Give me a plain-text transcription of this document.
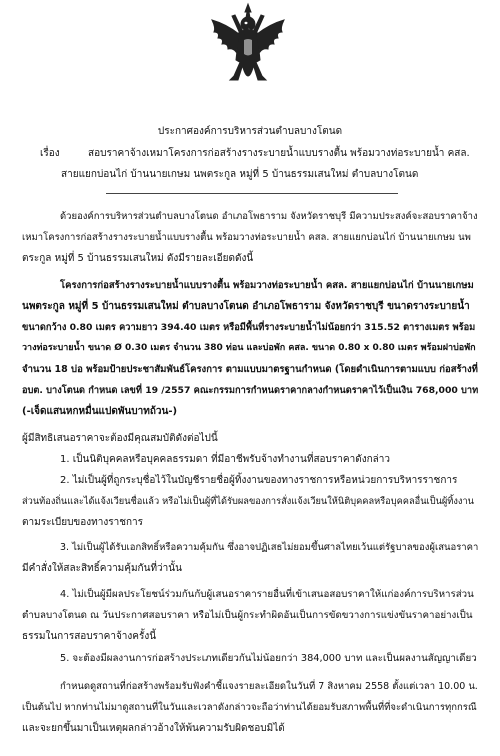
ประกาศองค์การบริหารส่วนตำบลบางโตนด
เรื่อง	สอบราคาจ้างเหมาโครงการก่อสร้างรางระบายน้ำแบบรางตื้น พร้อมวางท่อระบายน้ำ คสล.
สายแยกบ่อนไก่ บ้านนายเกษม นพตระกูล หมู่ที่ 5 บ้านธรรมเสนใหม่ ตำบลบางโตนด
ด้วยองค์การบริหารส่วนตำบลบางโตนด อำเภอโพธาราม จังหวัดราชบุรี มีความประสงค์จะสอบราคาจ้าง
เหมาโครงการก่อสร้างรางระบายน้ำแบบรางตื้น พร้อมวางท่อระบายน้ำ คสล. สายแยกบ่อนไก่ บ้านนายเกษม นพ
ตระกูล หมู่ที่ 5 บ้านธรรมเสนใหม่ ดังมีรายละเอียดดังนี้
โครงการก่อสร้างรางระบายน้ำแบบรางตื้น พร้อมวางท่อระบายน้ำ คสล. สายแยกบ่อนไก่ บ้านนายเกษม
นพตระกูล หมู่ที่ 5 บ้านธรรมเสนใหม่ ตำบลบางโตนด อำเภอโพธาราม จังหวัดราชบุรี ขนาดรางระบายน้ำ
ขนาดกว้าง 0.80 เมตร ความยาว 394.40 เมตร หรือมีพื้นที่รางระบายน้ำไม่น้อยกว่า 315.52 ตารางเมตร พร้อม
วางท่อระบายน้ำ ขนาด Ø 0.30 เมตร จำนวน 380 ท่อน และบ่อพัก คสล. ขนาด 0.80 x 0.80 เมตร พร้อมฝาบ่อพัก
จำนวน 18 บ่อ พร้อมป้ายประชาสัมพันธ์โครงการ ตามแบบมาตรฐานกำหนด (โดยดำเนินการตามแบบ ก่อสร้างที่
อบต. บางโตนด กำหนด เลขที่ 19 /2557 คณะกรรมการกำหนดราคากลางกำหนดราคาไว้เป็นเงิน 768,000 บาท
(-เจ็ดแสนหกหมื่นแปดพันบาทถ้วน-)
ผู้มีสิทธิเสนอราคาจะต้องมีคุณสมบัติดังต่อไปนี้
1. เป็นนิติบุคคลหรือบุคคลธรรมดา ที่มีอาชีพรับจ้างทำงานที่สอบราคาดังกล่าว
2. ไม่เป็นผู้ที่ถูกระบุชื่อไว้ในบัญชีรายชื่อผู้ทิ้งงานของทางราชการหรือหน่วยการบริหารราชการ
ส่วนท้องถิ่นและได้แจ้งเวียนชื่อแล้ว หรือไม่เป็นผู้ที่ได้รับผลของการสั่งแจ้งเวียนให้นิติบุคคลหรือบุคคลอื่นเป็นผู้ทิ้งงาน
ตามระเบียบของทางราชการ
3. ไม่เป็นผู้ได้รับเอกสิทธิ์หรือความคุ้มกัน ซึ่งอาจปฏิเสธไม่ยอมขึ้นศาลไทยเว้นแต่รัฐบาลของผู้เสนอราคา
มีคำสั่งให้สละสิทธิ์ความคุ้มกันที่ว่านั้น
4. ไม่เป็นผู้มีผลประโยชน์ร่วมกันกับผู้เสนอราคารายอื่นที่เข้าเสนอสอบราคาให้แก่องค์การบริหารส่วน
ตำบลบางโตนด ณ วันประกาศสอบราคา หรือไม่เป็นผู้กระทำผิดอันเป็นการขัดขวางการแข่งขันราคาอย่างเป็น
ธรรมในการสอบราคาจ้างครั้งนี้
5. จะต้องมีผลงานการก่อสร้างประเภทเดียวกันไม่น้อยกว่า 384,000 บาท และเป็นผลงานสัญญาเดียว
กำหนดดูสถานที่ก่อสร้างพร้อมรับฟังคำชี้แจงรายละเอียดในวันที่ 7 สิงหาคม 2558 ตั้งแต่เวลา 10.00 น.
เป็นต้นไป หากท่านไม่มาดูสถานที่ในวันและเวลาดังกล่าวจะถือว่าท่านได้ยอมรับสภาพพื้นที่ที่จะดำเนินการทุกกรณี
และจะยกขึ้นมาเป็นเหตุผลกล่าวอ้างให้พ้นความรับผิดชอบมิได้
